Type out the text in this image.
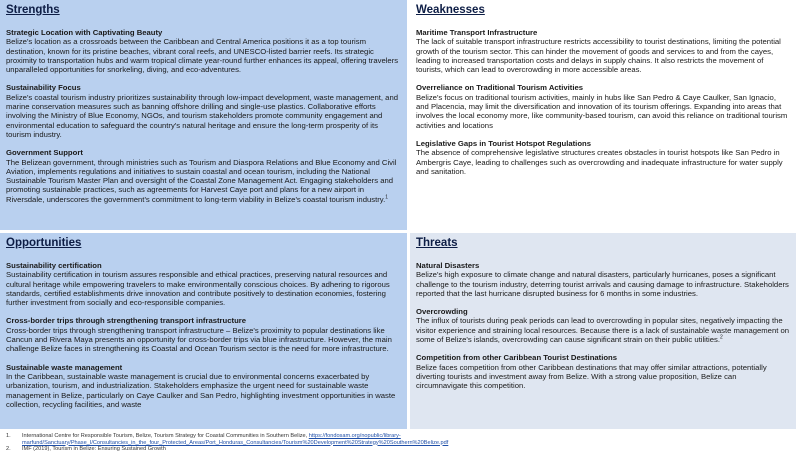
Strengths
Strategic Location with Captivating Beauty
Belize's location as a crossroads between the Caribbean and Central America positions it as a top tourism destination, known for its pristine beaches, vibrant coral reefs, and UNESCO-listed barrier reefs. Its strategic proximity to transportation hubs and warm tropical climate year-round further enhances its appeal, offering travelers unparalleled opportunities for snorkeling, diving, and eco-adventures.
Sustainability Focus
Belize's coastal tourism industry prioritizes sustainability through low-impact development, waste management, and marine conservation measures such as banning offshore drilling and single-use plastics. Collaborative efforts involving the Ministry of Blue Economy, NGOs, and tourism stakeholders promote community engagement and environmental education to safeguard the country's natural heritage and ensure the long-term prosperity of its tourism industry.
Government Support
The Belizean government, through ministries such as Tourism and Diaspora Relations and Blue Economy and Civil Aviation, implements regulations and initiatives to sustain coastal and ocean tourism, including the National Sustainable Tourism Master Plan and oversight of the Coastal Zone Management Act. Engaging stakeholders and promoting sustainable practices, such as agreements for Harvest Caye port and plans for a new airport in Riversdale, underscores the government's commitment to long-term viability in Belize's coastal tourism industry.$^1$
Weaknesses
Maritime Transport Infrastructure
The lack of suitable transport infrastructure restricts accessibility to tourist destinations, limiting the potential growth of the tourism sector. This can hinder the movement of goods and services to and from the cayes, leading to increased transportation costs and delays in supply chains. It also restricts the movement of tourists, which can lead to overcrowding in more accessible areas.
Overreliance on Traditional Tourism Activities
Belize's focus on traditional tourism activities, mainly in hubs like San Pedro & Caye Caulker, San Ignacio, and Placencia, may limit the diversification and innovation of its tourism offerings. Expanding into areas that involves the local economy more, like community-based tourism, can avoid this reliance on traditional tourism activities and locations
Legislative Gaps in Tourist Hotspot Regulations
The absence of comprehensive legislative structures creates obstacles in tourist hotspots like San Pedro in Ambergris Caye, leading to challenges such as overcrowding and inadequate infrastructure for water supply and sanitation.
Opportunities
Sustainability certification
Sustainability certification in tourism assures responsible and ethical practices, preserving natural resources and cultural heritage while empowering travelers to make environmentally conscious choices. By adhering to rigorous standards, certified establishments drive innovation and contribute positively to destination economies, fostering further investment from socially and eco-responsible companies.
Cross-border trips through strengthening transport infrastructure
Cross-border trips through strengthening transport infrastructure – Belize's proximity to popular destinations like Cancun and Rivera Maya presents an opportunity for cross-border trips via blue infrastructure. However, the main challenge Belize faces in strengthening its Coastal and Ocean Tourism sector is the need for more infrastructure.
Sustainable waste management
In the Caribbean, sustainable waste management is crucial due to environmental concerns exacerbated by urbanization, tourism, and industrialization. Stakeholders emphasize the urgent need for sustainable waste management in Belize, particularly on Caye Caulker and San Pedro, highlighting investment opportunities in waste collection, recycling facilities, and waste
Threats
Natural Disasters
Belize's high exposure to climate change and natural disasters, particularly hurricanes, poses a significant challenge to the tourism industry, deterring tourist arrivals and causing damage to infrastructure. Stakeholders reported that the last hurricane disrupted business for 6 months in some industries.
Overcrowding
The influx of tourists during peak periods can lead to overcrowding in popular sites, negatively impacting the visitor experience and straining local resources. Because there is a lack of sustainable waste management on some of Belize's islands, overcrowding can cause significant strain on their public utilities.$^2$
Competition from other Caribbean Tourist Destinations
Belize faces competition from other Caribbean destinations that may offer similar attractions, potentially diverting tourists and investment away from Belize. With a strong value proposition, Belize can circumnavigate this competition.
1.	International Centre for Responsible Tourism, Belize, Tourism Strategy for Coastal Communities in Southern Belize, https://fondosam.org/nopublic/library-marfund/Sanctuary/Phase_I/Consultancies_in_the_four_Protected_Areas/Port_Honduras_Consultancies/Tourism%20Development%20Strategy%20Southern%20Belize.pdf
2.	IMF (2019), Tourism in Belize: Ensuring Sustained Growth
